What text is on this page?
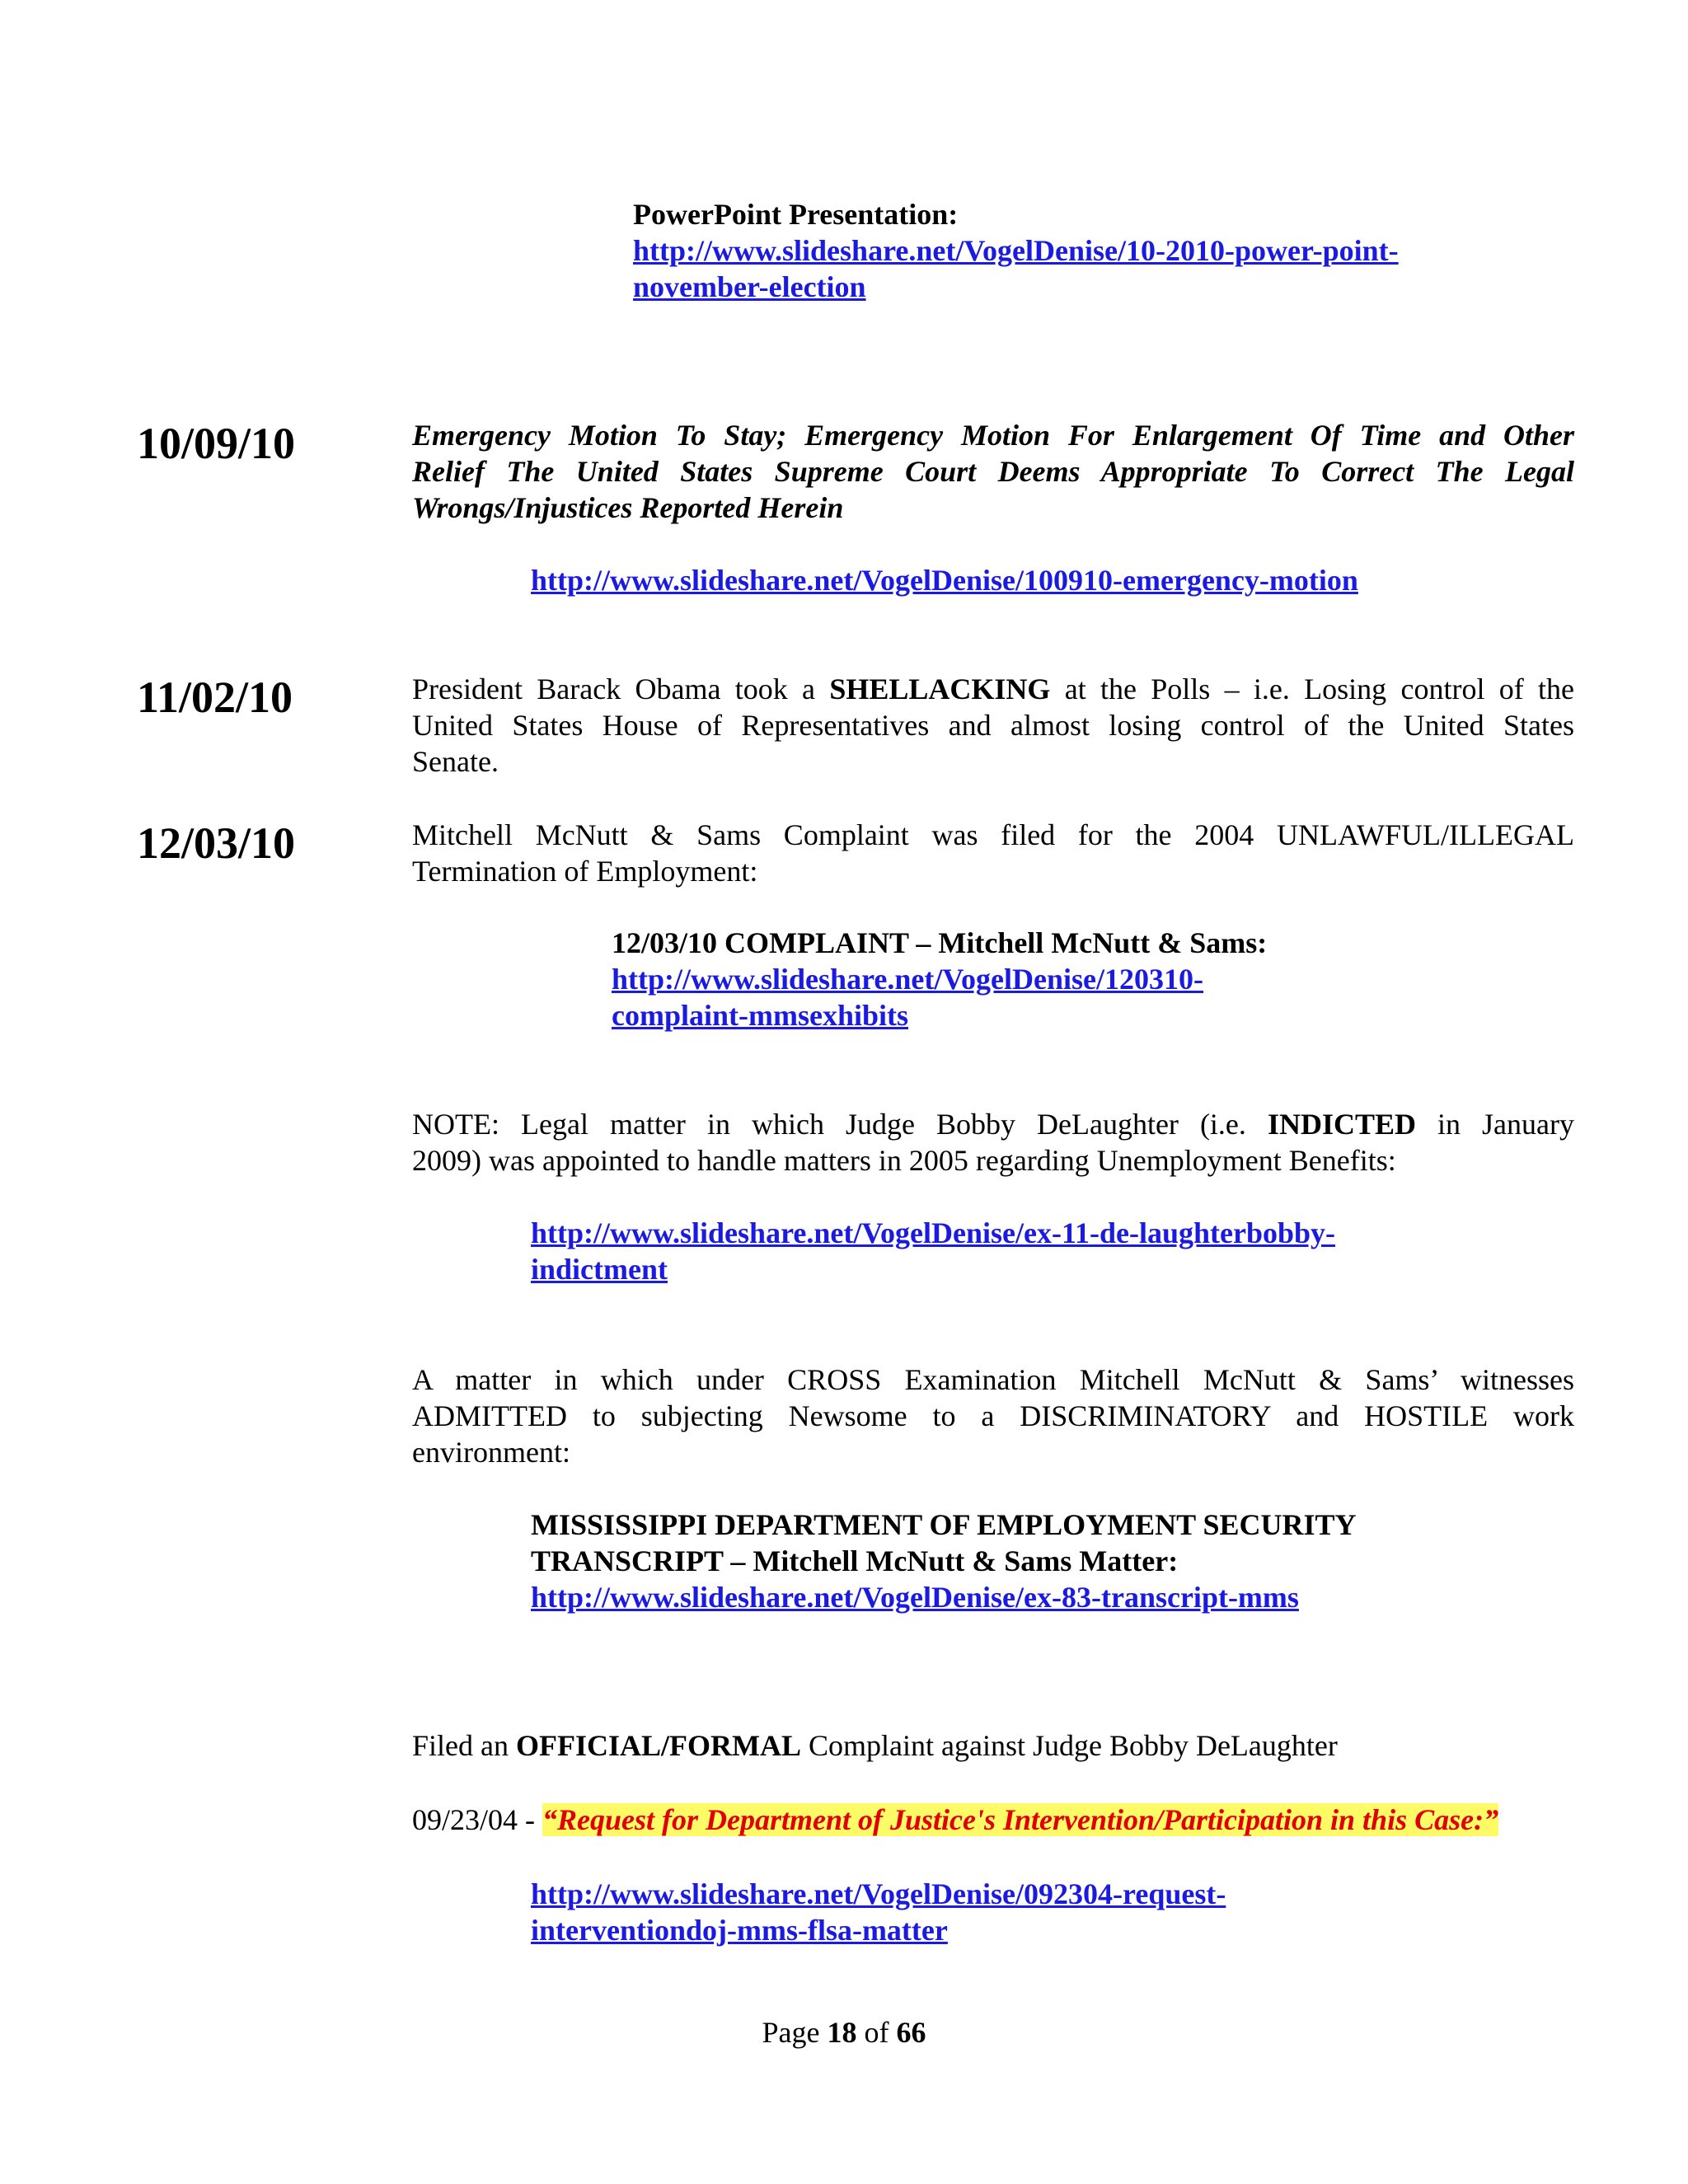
PowerPoint Presentation:
http://www.slideshare.net/VogelDenise/10-2010-power-point-
november-election
10/09/10	Emergency Motion To Stay; Emergency Motion For Enlargement Of Time and Other
Relief The United States Supreme Court Deems Appropriate To Correct The Legal
Wrongs/Injustices Reported Herein
http://www.slideshare.net/VogelDenise/100910-emergency-motion
11/02/10	President Barack Obama took a SHELLACKING at the Polls – i.e. Losing control of the
United States House of Representatives and almost losing control of the United States
Senate.
12/03/10	Mitchell McNutt & Sams Complaint was filed for the 2004 UNLAWFUL/ILLEGAL
Termination of Employment:
12/03/10 COMPLAINT – Mitchell McNutt & Sams:
http://www.slideshare.net/VogelDenise/120310-
complaint-mmsexhibits
NOTE: Legal matter in which Judge Bobby DeLaughter (i.e. INDICTED in January
2009) was appointed to handle matters in 2005 regarding Unemployment Benefits:
http://www.slideshare.net/VogelDenise/ex-11-de-laughterbobby-
indictment
A matter in which under CROSS Examination Mitchell McNutt & Sams’ witnesses
ADMITTED to subjecting Newsome to a DISCRIMINATORY and HOSTILE work
environment:
MISSISSIPPI DEPARTMENT OF EMPLOYMENT SECURITY
TRANSCRIPT – Mitchell McNutt & Sams Matter:
http://www.slideshare.net/VogelDenise/ex-83-transcript-mms
Filed an OFFICIAL/FORMAL Complaint against Judge Bobby DeLaughter
09/23/04 - “Request for Department of Justice's Intervention/Participation in this Case:”
http://www.slideshare.net/VogelDenise/092304-request-
interventiondoj-mms-flsa-matter
Page 18 of 66
